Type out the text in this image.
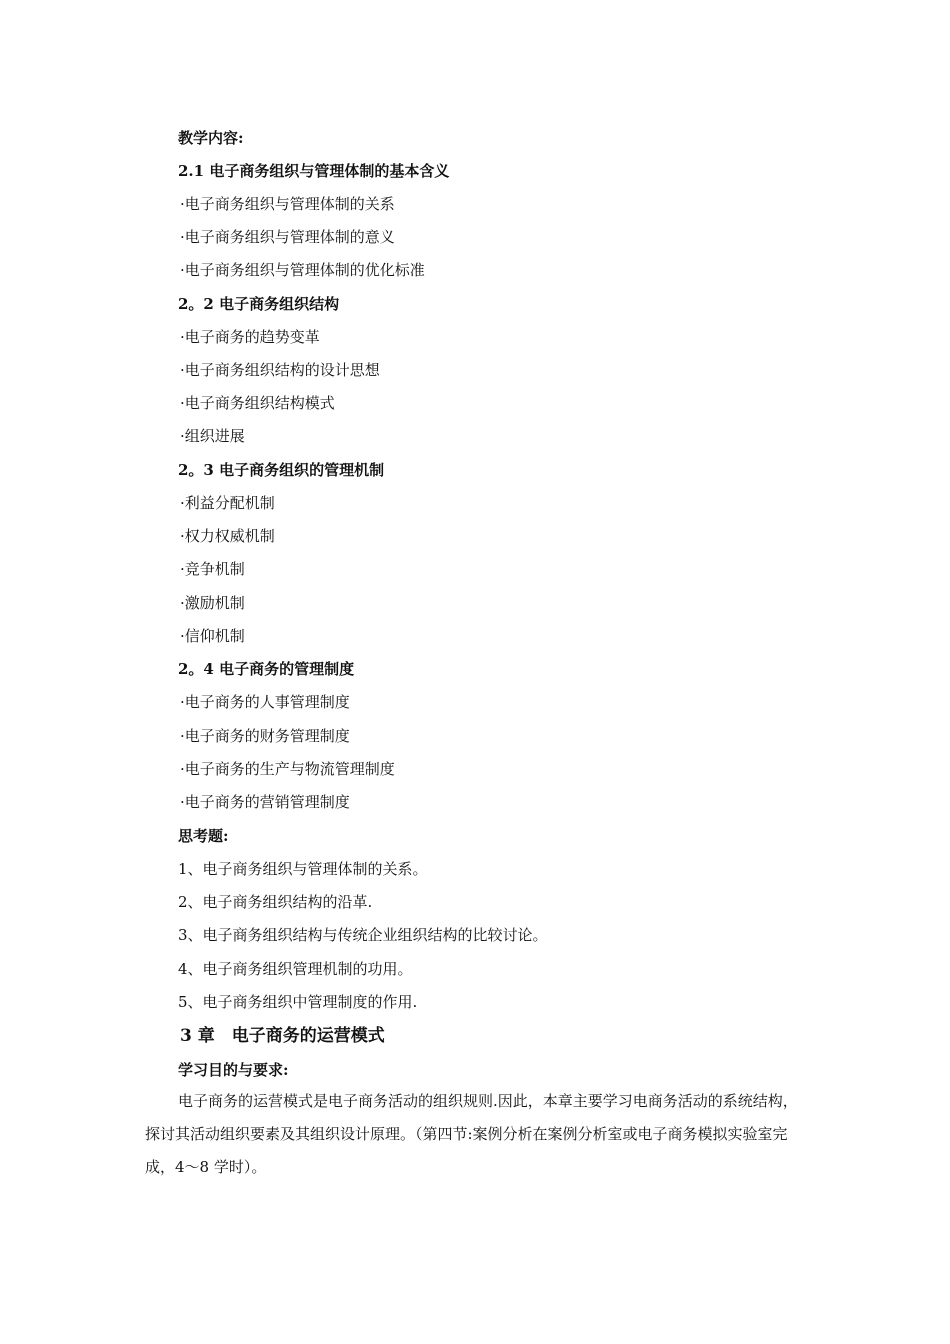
教学内容:
2.1 电子商务组织与管理体制的基本含义
·电子商务组织与管理体制的关系
·电子商务组织与管理体制的意义
·电子商务组织与管理体制的优化标准
2。2 电子商务组织结构
·电子商务的趋势变革
·电子商务组织结构的设计思想
·电子商务组织结构模式
·组织进展
2。3 电子商务组织的管理机制
·利益分配机制
·权力权威机制
·竞争机制
·激励机制
·信仰机制
2。4 电子商务的管理制度
·电子商务的人事管理制度
·电子商务的财务管理制度
·电子商务的生产与物流管理制度
·电子商务的营销管理制度
思考题:
1、电子商务组织与管理体制的关系。
2、电子商务组织结构的沿革.
3、电子商务组织结构与传统企业组织结构的比较讨论。
4、电子商务组织管理机制的功用。
5、电子商务组织中管理制度的作用.
3 章　电子商务的运营模式
学习目的与要求:

电子商务的运营模式是电子商务活动的组织规则.因此，本章主要学习电商务活动的系统结构，探讨其活动组织要素及其组织设计原理。（第四节:案例分析在案例分析室或电子商务模拟实验室完成，4～8 学时）。
